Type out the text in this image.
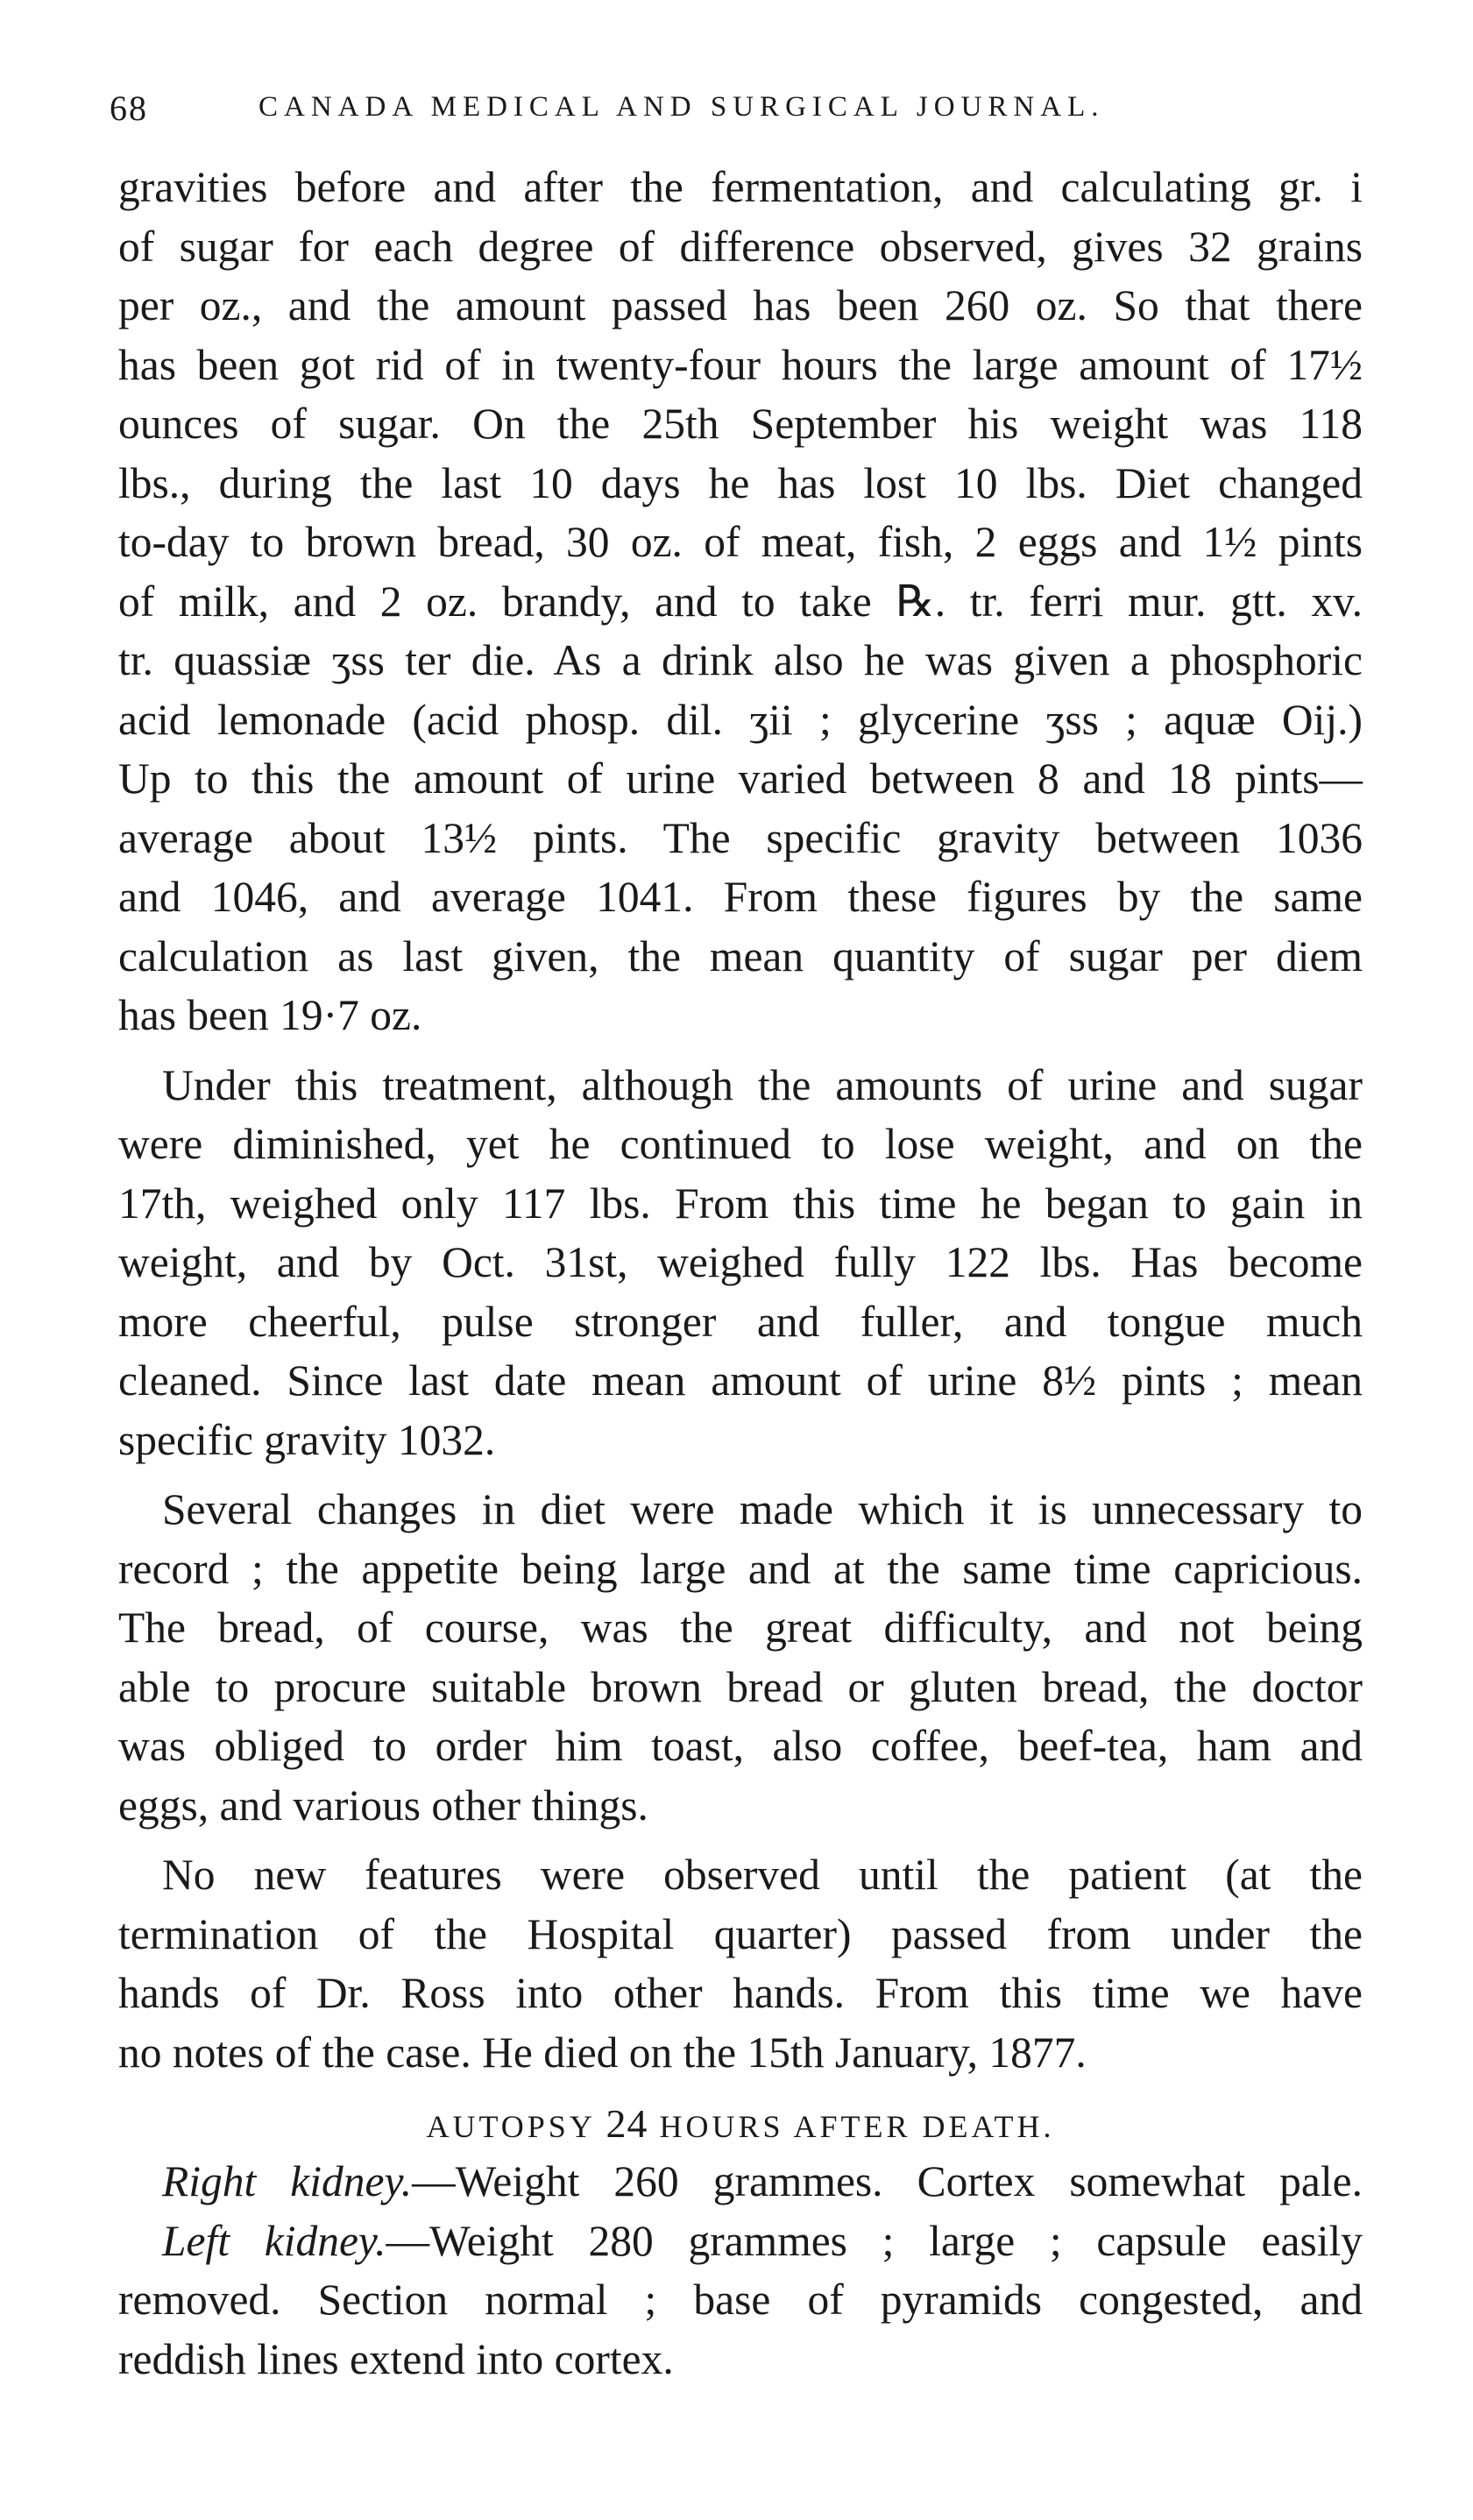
68	CANADA MEDICAL AND SURGICAL JOURNAL.
gravities before and after the fermentation, and calculating gr. i
of sugar for each degree of difference observed, gives 32 grains
per oz., and the amount passed has been 260 oz. So that there
has been got rid of in twenty-four hours the large amount of 17½
ounces of sugar. On the 25th September his weight was 118
lbs., during the last 10 days he has lost 10 lbs. Diet changed
to-day to brown bread, 30 oz. of meat, fish, 2 eggs and 1½ pints
of milk, and 2 oz. brandy, and to take ℞. tr. ferri mur. gtt. xv.
tr. quassiæ ʒss ter die. As a drink also he was given a phosphoric
acid lemonade (acid phosp. dil. ʒii ; glycerine ʒss ; aquæ Oij.)
Up to this the amount of urine varied between 8 and 18 pints—
average about 13½ pints. The specific gravity between 1036
and 1046, and average 1041. From these figures by the same
calculation as last given, the mean quantity of sugar per diem
has been 19·7 oz.
Under this treatment, although the amounts of urine and sugar
were diminished, yet he continued to lose weight, and on the
17th, weighed only 117 lbs. From this time he began to gain in
weight, and by Oct. 31st, weighed fully 122 lbs. Has become
more cheerful, pulse stronger and fuller, and tongue much
cleaned. Since last date mean amount of urine 8½ pints ; mean
specific gravity 1032.
Several changes in diet were made which it is unnecessary to
record ; the appetite being large and at the same time capricious.
The bread, of course, was the great difficulty, and not being
able to procure suitable brown bread or gluten bread, the doctor
was obliged to order him toast, also coffee, beef-tea, ham and
eggs, and various other things.
No new features were observed until the patient (at the
termination of the Hospital quarter) passed from under the
hands of Dr. Ross into other hands. From this time we have
no notes of the case. He died on the 15th January, 1877.
AUTOPSY 24 HOURS AFTER DEATH.
Right kidney.—Weight 260 grammes. Cortex somewhat pale.
Left kidney.—Weight 280 grammes ; large ; capsule easily
removed. Section normal ; base of pyramids congested, and
reddish lines extend into cortex.
